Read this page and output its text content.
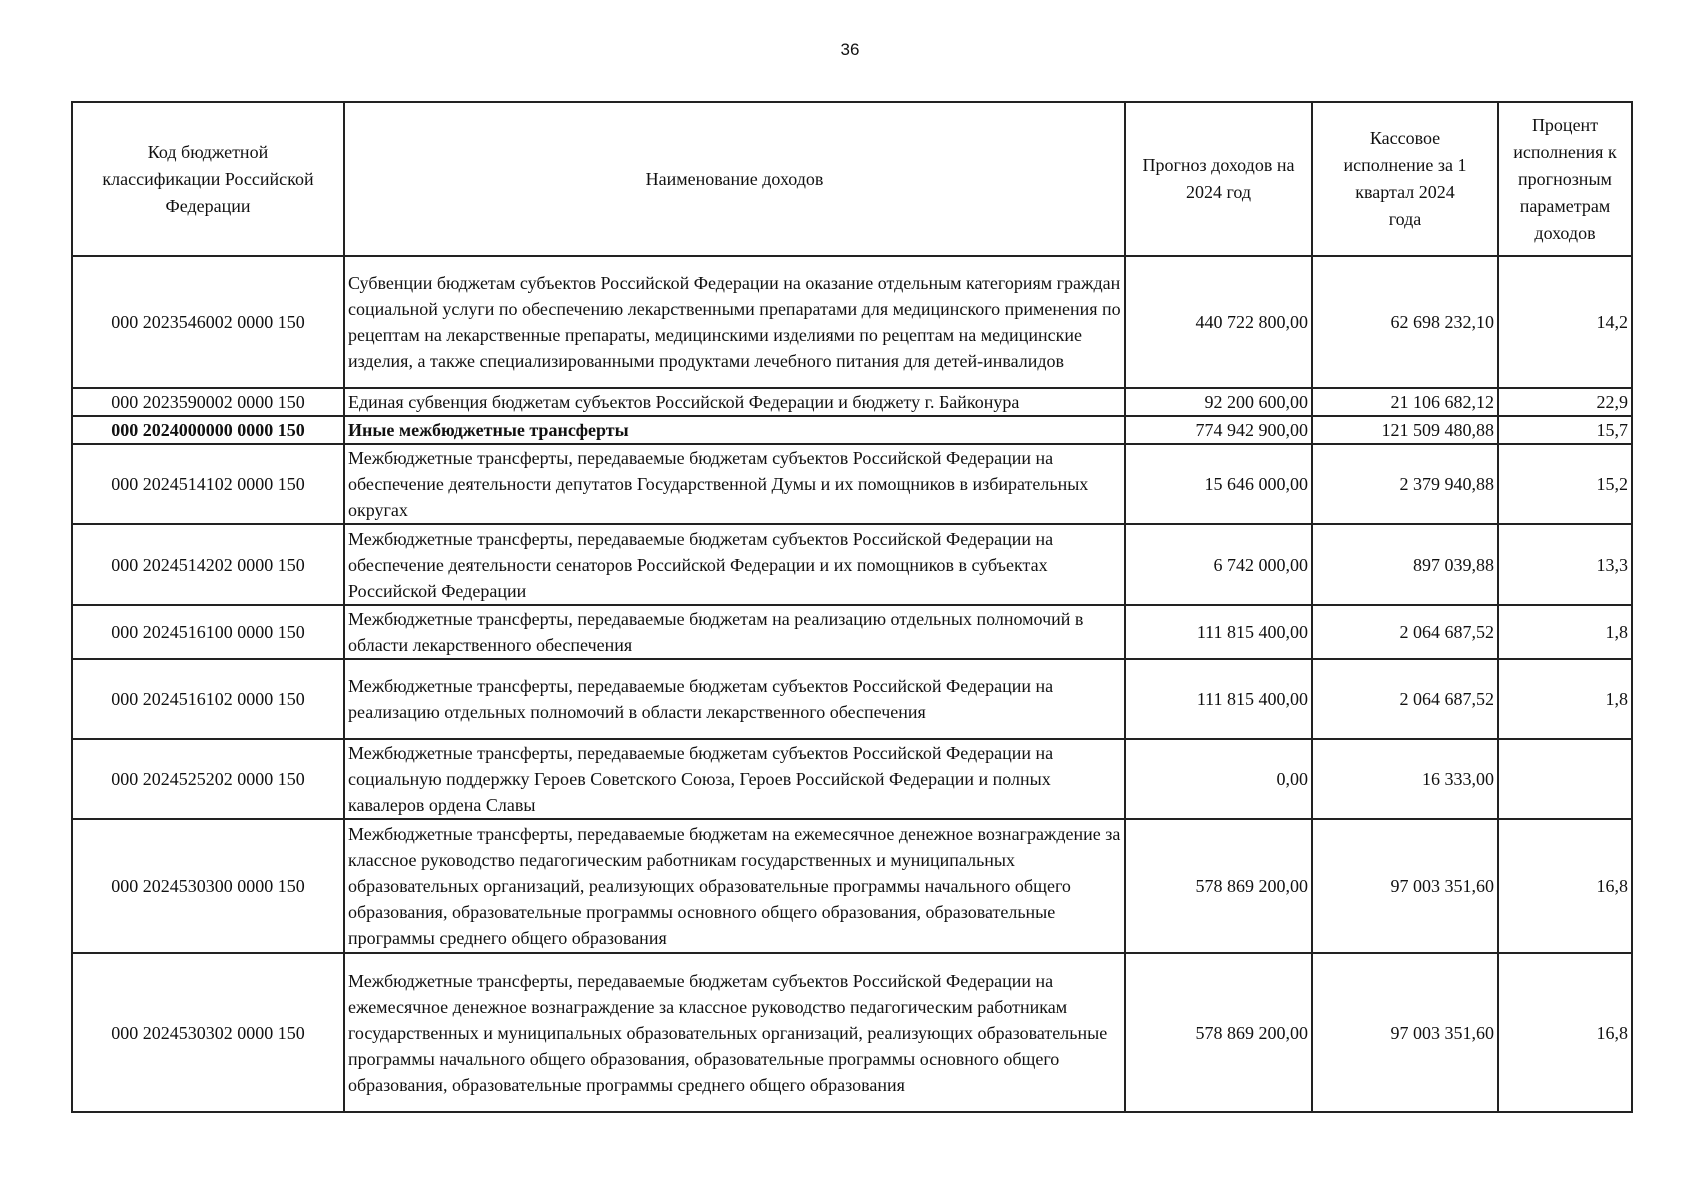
36
Код бюджетной классификации Российской Федерации	Наименование доходов	Прогноз доходов на 2024 год	Кассовое исполнение за 1 квартал 2024 года	Процент исполнения к прогнозным параметрам доходов

000 2023546002 0000 150	Субвенции бюджетам субъектов Российской Федерации на оказание отдельным категориям граждан социальной услуги по обеспечению лекарственными препаратами для медицинского применения по рецептам на лекарственные препараты, медицинскими изделиями по рецептам на медицинские изделия, а также специализированными продуктами лечебного питания для детей-инвалидов	440 722 800,00	62 698 232,10	14,2
000 2023590002 0000 150	Единая субвенция бюджетам субъектов Российской Федерации и бюджету г. Байконура	92 200 600,00	21 106 682,12	22,9
000 2024000000 0000 150	Иные межбюджетные трансферты	774 942 900,00	121 509 480,88	15,7
000 2024514102 0000 150	Межбюджетные трансферты, передаваемые бюджетам субъектов Российской Федерации на обеспечение деятельности депутатов Государственной Думы и их помощников в избирательных округах	15 646 000,00	2 379 940,88	15,2
000 2024514202 0000 150	Межбюджетные трансферты, передаваемые бюджетам субъектов Российской Федерации на обеспечение деятельности сенаторов Российской Федерации и их помощников в субъектах Российской Федерации	6 742 000,00	897 039,88	13,3
000 2024516100 0000 150	Межбюджетные трансферты, передаваемые бюджетам на реализацию отдельных полномочий в области лекарственного обеспечения	111 815 400,00	2 064 687,52	1,8
000 2024516102 0000 150	Межбюджетные трансферты, передаваемые бюджетам субъектов Российской Федерации на реализацию отдельных полномочий в области лекарственного обеспечения	111 815 400,00	2 064 687,52	1,8
000 2024525202 0000 150	Межбюджетные трансферты, передаваемые бюджетам субъектов Российской Федерации на социальную поддержку Героев Советского Союза, Героев Российской Федерации и полных кавалеров ордена Славы	0,00	16 333,00	
000 2024530300 0000 150	Межбюджетные трансферты, передаваемые бюджетам на ежемесячное денежное вознаграждение за классное руководство педагогическим работникам государственных и муниципальных образовательных организаций, реализующих образовательные программы начального общего образования, образовательные программы основного общего образования, образовательные программы среднего общего образования	578 869 200,00	97 003 351,60	16,8
000 2024530302 0000 150	Межбюджетные трансферты, передаваемые бюджетам субъектов Российской Федерации на ежемесячное денежное вознаграждение за классное руководство педагогическим работникам государственных и муниципальных образовательных организаций, реализующих образовательные программы начального общего образования, образовательные программы основного общего образования, образовательные программы среднего общего образования	578 869 200,00	97 003 351,60	16,8
